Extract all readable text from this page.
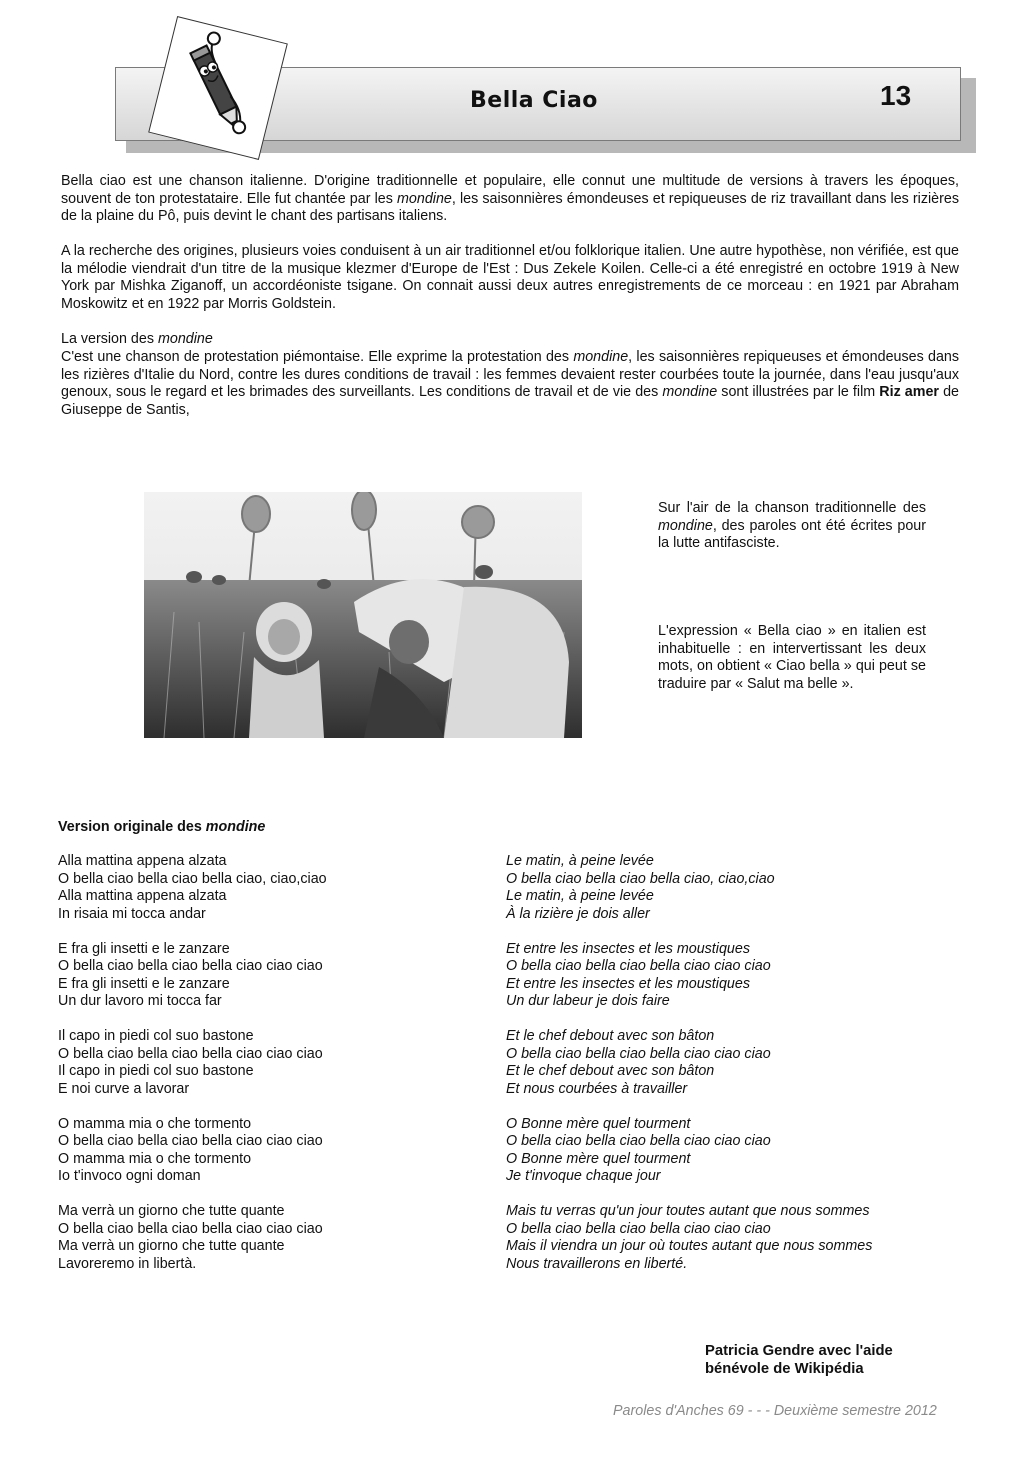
Bella Ciao	13

Bella ciao est une chanson italienne. D'origine traditionnelle et populaire, elle connut une multitude de versions à travers les époques, souvent de ton protestataire. Elle fut chantée par les mondine, les saisonnières émondeuses et repiqueuses de riz travaillant dans les rizières de la plaine du Pô, puis devint le chant des partisans italiens.

A la recherche des origines, plusieurs voies conduisent à un air traditionnel et/ou folklorique italien. Une autre hypothèse, non vérifiée, est que la mélodie viendrait d'un titre de la musique klezmer d'Europe de l'Est : Dus Zekele Koilen. Celle-ci a été enregistré en octobre 1919 à New York par Mishka Ziganoff, un accordéoniste tsigane. On connait aussi deux autres enregistrements de ce morceau : en 1921 par Abraham Moskowitz et en 1922 par Morris Goldstein.

La version des mondine

C'est une chanson de protestation piémontaise. Elle exprime la protestation des mondine, les saisonnières repiqueuses et émondeuses dans les rizières d'Italie du Nord, contre les dures conditions de travail : les femmes devaient rester courbées toute la journée, dans l'eau jusqu'aux genoux, sous le regard et les brimades des surveillants. Les conditions de travail et de vie des mondine sont illustrées par le film Riz amer de Giuseppe de Santis,

Sur l'air de la chanson traditionnelle des mondine, des paroles ont été écrites pour la lutte antifasciste.

L'expression « Bella ciao » en italien est inhabituelle : en intervertissant les deux mots, on obtient « Ciao bella » qui peut se traduire par « Salut ma belle ».

Version originale des mondine
Alla mattina appena alzata
O bella ciao bella ciao bella ciao, ciao,ciao
Alla mattina appena alzata
In risaia mi tocca andar
E fra gli insetti e le zanzare
O bella ciao bella ciao bella ciao ciao ciao
E fra gli insetti e le zanzare
Un dur lavoro mi tocca far
Il capo in piedi col suo bastone
O bella ciao bella ciao bella ciao ciao ciao
Il capo in piedi col suo bastone
E noi curve a lavorar
O mamma mia o che tormento
O bella ciao bella ciao bella ciao ciao ciao
O mamma mia o che tormento
Io t'invoco ogni doman
Ma verrà un giorno che tutte quante
O bella ciao bella ciao bella ciao ciao ciao
Ma verrà un giorno che tutte quante
Lavoreremo in libertà.
Le matin, à peine levée
O bella ciao bella ciao bella ciao, ciao,ciao
Le matin, à peine levée
À la rizière je dois aller
Et entre les insectes et les moustiques
O bella ciao bella ciao bella ciao ciao ciao
Et entre les insectes et les moustiques
Un dur labeur je dois faire
Et le chef debout avec son bâton
O bella ciao bella ciao bella ciao ciao ciao
Et le chef debout avec son bâton
Et nous courbées à travailler
O Bonne mère quel tourment
O bella ciao bella ciao bella ciao ciao ciao
O Bonne mère quel tourment
Je t'invoque chaque jour
Mais tu verras qu'un jour toutes autant que nous sommes
O bella ciao bella ciao bella ciao ciao ciao
Mais il viendra un jour où toutes autant que nous sommes
Nous travaillerons en liberté.
Patricia Gendre avec l'aide
bénévole de Wikipédia
Paroles d'Anches 69 - - - Deuxième semestre 2012
